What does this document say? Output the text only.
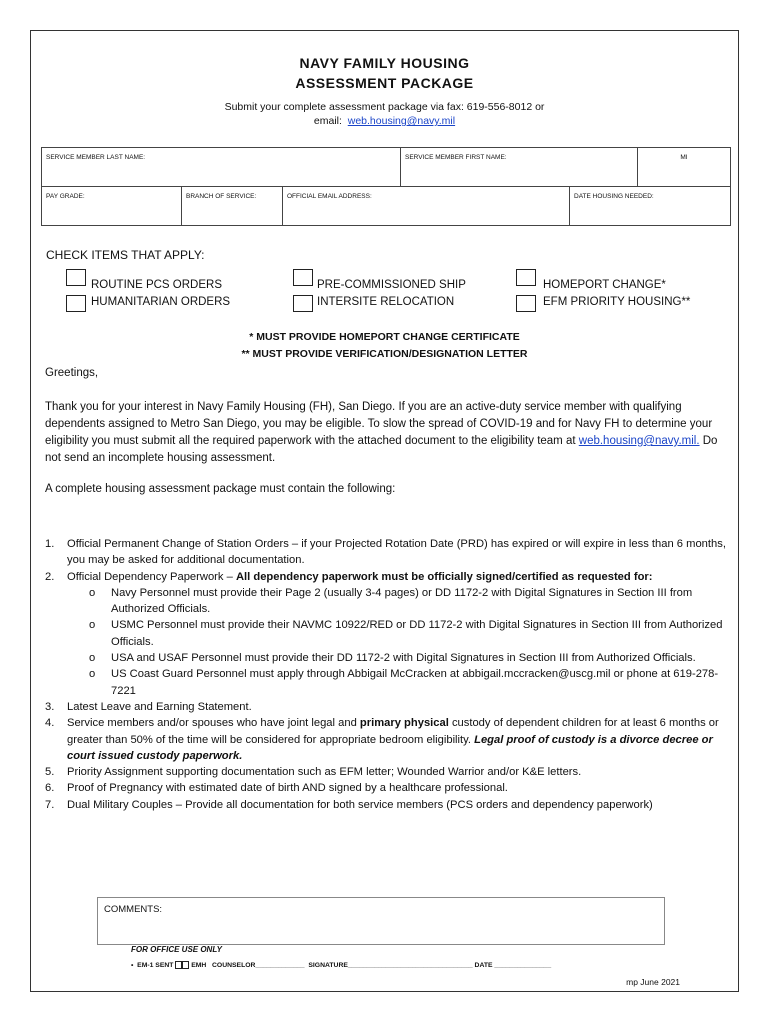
NAVY FAMILY HOUSING
ASSESSMENT PACKAGE
Submit your complete assessment package via fax: 619-556-8012 or
email: web.housing@navy.mil
SERVICE MEMBER LAST NAME:	SERVICE MEMBER FIRST NAME:	MI
PAY GRADE:	BRANCH OF SERVICE:	OFFICIAL EMAIL ADDRESS:	DATE HOUSING NEEDED:
CHECK ITEMS THAT APPLY:
ROUTINE PCS ORDERS
HUMANITARIAN ORDERS
PRE-COMMISSIONED SHIP
INTERSITE RELOCATION
HOMEPORT CHANGE*
EFM PRIORITY HOUSING**
* MUST PROVIDE HOMEPORT CHANGE CERTIFICATE
** MUST PROVIDE VERIFICATION/DESIGNATION LETTER
Greetings,
Thank you for your interest in Navy Family Housing (FH), San Diego. If you are an active-duty service member with qualifying dependents assigned to Metro San Diego, you may be eligible. To slow the spread of COVID-19 and for Navy FH to determine your eligibility you must submit all the required paperwork with the attached document to the eligibility team at web.housing@navy.mil. Do not send an incomplete housing assessment.
A complete housing assessment package must contain the following:
1. Official Permanent Change of Station Orders – if your Projected Rotation Date (PRD) has expired or will expire in less than 6 months, you may be asked for additional documentation.
2. Official Dependency Paperwork – All dependency paperwork must be officially signed/certified as requested for:
o Navy Personnel must provide their Page 2 (usually 3-4 pages) or DD 1172-2 with Digital Signatures in Section III from Authorized Officials.
o USMC Personnel must provide their NAVMC 10922/RED or DD 1172-2 with Digital Signatures in Section III from Authorized Officials.
o USA and USAF Personnel must provide their DD 1172-2 with Digital Signatures in Section III from Authorized Officials.
o US Coast Guard Personnel must apply through Abbigail McCracken at abbigail.mccracken@uscg.mil or phone at 619-278-7221
3. Latest Leave and Earning Statement.
4. Service members and/or spouses who have joint legal and primary physical custody of dependent children for at least 6 months or greater than 50% of the time will be considered for appropriate bedroom eligibility. Legal proof of custody is a divorce decree or court issued custody paperwork.
5. Priority Assignment supporting documentation such as EFM letter; Wounded Warrior and/or K&E letters.
6. Proof of Pregnancy with estimated date of birth AND signed by a healthcare professional.
7. Dual Military Couples – Provide all documentation for both service members (PCS orders and dependency paperwork)
COMMENTS:
FOR OFFICE USE ONLY
• EM-1 SENT	EMH COUNSELOR_____________ SIGNATURE_________________________________ DATE _______________
mp June 2021
